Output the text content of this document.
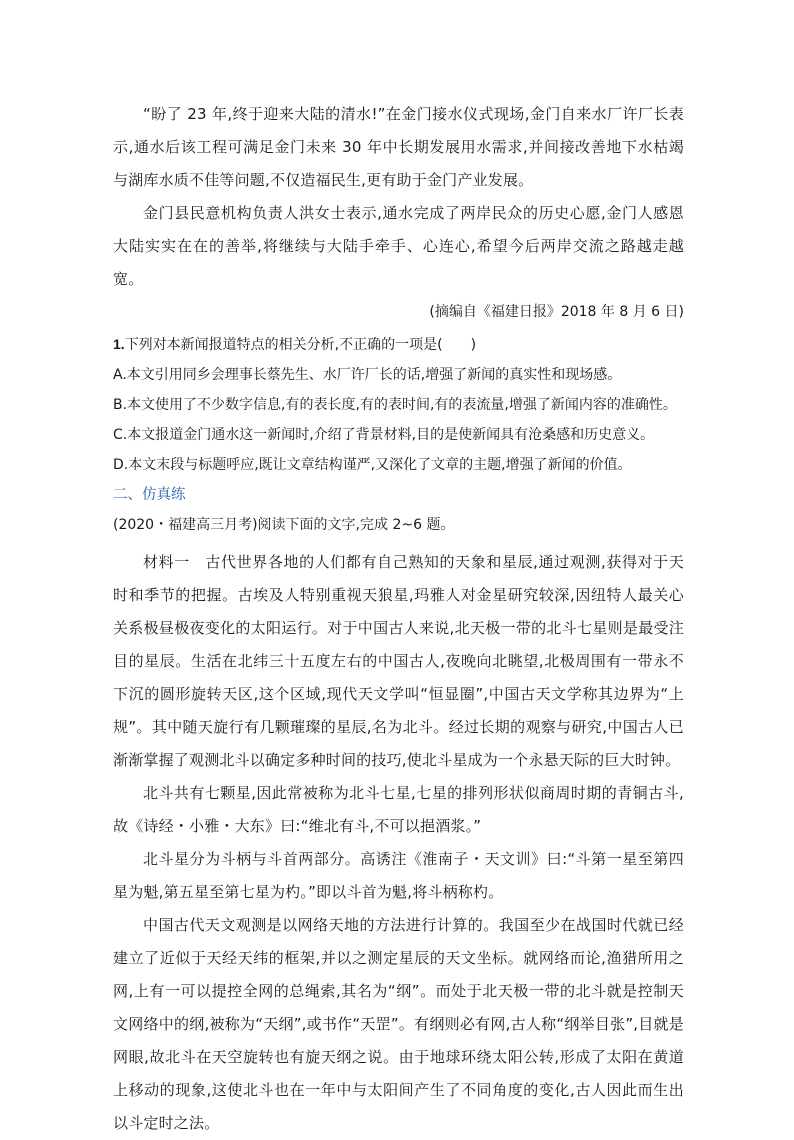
“盼了 23 年,终于迎来大陆的清水!”在金门接水仪式现场,金门自来水厂许厂长表示,通水后该工程可满足金门未来 30 年中长期发展用水需求,并间接改善地下水枯竭与湖库水质不佳等问题,不仅造福民生,更有助于金门产业发展。

金门县民意机构负责人洪女士表示,通水完成了两岸民众的历史心愿,金门人感恩大陆实实在在的善举,将继续与大陆手牵手、心连心,希望今后两岸交流之路越走越宽。

(摘编自《福建日报》2018 年 8 月 6 日)

1.下列对本新闻报道特点的相关分析,不正确的一项是(　　)

A.本文引用同乡会理事长蔡先生、水厂许厂长的话,增强了新闻的真实性和现场感。

B.本文使用了不少数字信息,有的表长度,有的表时间,有的表流量,增强了新闻内容的准确性。

C.本文报道金门通水这一新闻时,介绍了背景材料,目的是使新闻具有沧桑感和历史意义。

D.本文末段与标题呼应,既让文章结构谨严,又深化了文章的主题,增强了新闻的价值。

二、仿真练

(2020・福建高三月考)阅读下面的文字,完成 2~6 题。

材料一　古代世界各地的人们都有自己熟知的天象和星辰,通过观测,获得对于天时和季节的把握。古埃及人特别重视天狼星,玛雅人对金星研究较深,因纽特人最关心关系极昼极夜变化的太阳运行。对于中国古人来说,北天极一带的北斗七星则是最受注目的星辰。生活在北纬三十五度左右的中国古人,夜晚向北眺望,北极周围有一带永不下沉的圆形旋转天区,这个区域,现代天文学叫“恒显圈”,中国古天文学称其边界为“上规”。其中随天旋行有几颗璀璨的星辰,名为北斗。经过长期的观察与研究,中国古人已渐渐掌握了观测北斗以确定多种时间的技巧,使北斗星成为一个永悬天际的巨大时钟。

北斗共有七颗星,因此常被称为北斗七星,七星的排列形状似商周时期的青铜古斗,故《诗经・小雅・大东》曰:“维北有斗,不可以挹酒浆。”

北斗星分为斗柄与斗首两部分。高诱注《淮南子・天文训》曰:“斗第一星至第四星为魁,第五星至第七星为杓。”即以斗首为魁,将斗柄称杓。

中国古代天文观测是以网络天地的方法进行计算的。我国至少在战国时代就已经建立了近似于天经天纬的框架,并以之测定星辰的天文坐标。就网络而论,渔猎所用之网,上有一可以提控全网的总绳索,其名为“纲”。而处于北天极一带的北斗就是控制天文网络中的纲,被称为“天纲”,或书作“天罡”。有纲则必有网,古人称“纲举目张”,目就是网眼,故北斗在天空旋转也有旋天纲之说。由于地球环绕太阳公转,形成了太阳在黄道上移动的现象,这使北斗也在一年中与太阳间产生了不同角度的变化,古人因此而生出以斗定时之法。
